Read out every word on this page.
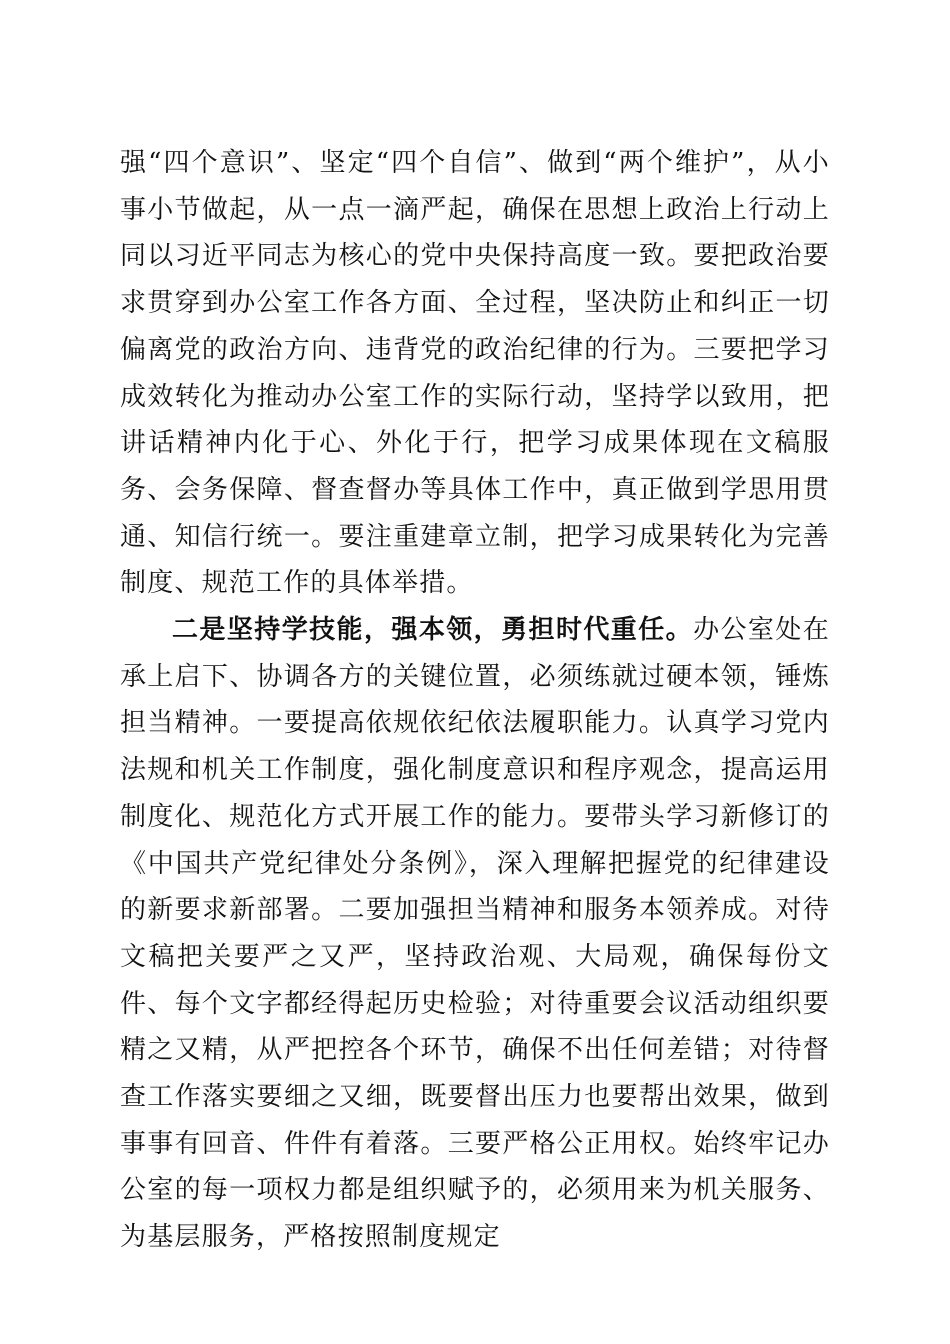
强“四个意识”、坚定“四个自信”、做到“两个维护”，从小事小节做起，从一点一滴严起，确保在思想上政治上行动上同以习近平同志为核心的党中央保持高度一致。要把政治要求贯穿到办公室工作各方面、全过程，坚决防止和纠正一切偏离党的政治方向、违背党的政治纪律的行为。三要把学习成效转化为推动办公室工作的实际行动，坚持学以致用，把讲话精神内化于心、外化于行，把学习成果体现在文稿服务、会务保障、督查督办等具体工作中，真正做到学思用贯通、知信行统一。要注重建章立制，把学习成果转化为完善制度、规范工作的具体举措。

二是坚持学技能，强本领，勇担时代重任。办公室处在承上启下、协调各方的关键位置，必须练就过硬本领，锤炼担当精神。一要提高依规依纪依法履职能力。认真学习党内法规和机关工作制度，强化制度意识和程序观念，提高运用制度化、规范化方式开展工作的能力。要带头学习新修订的《中国共产党纪律处分条例》，深入理解把握党的纪律建设的新要求新部署。二要加强担当精神和服务本领养成。对待文稿把关要严之又严，坚持政治观、大局观，确保每份文件、每个文字都经得起历史检验；对待重要会议活动组织要精之又精，从严把控各个环节，确保不出任何差错；对待督查工作落实要细之又细，既要督出压力也要帮出效果，做到事事有回音、件件有着落。三要严格公正用权。始终牢记办公室的每一项权力都是组织赋予的，必须用来为机关服务、为基层服务，严格按照制度规定
